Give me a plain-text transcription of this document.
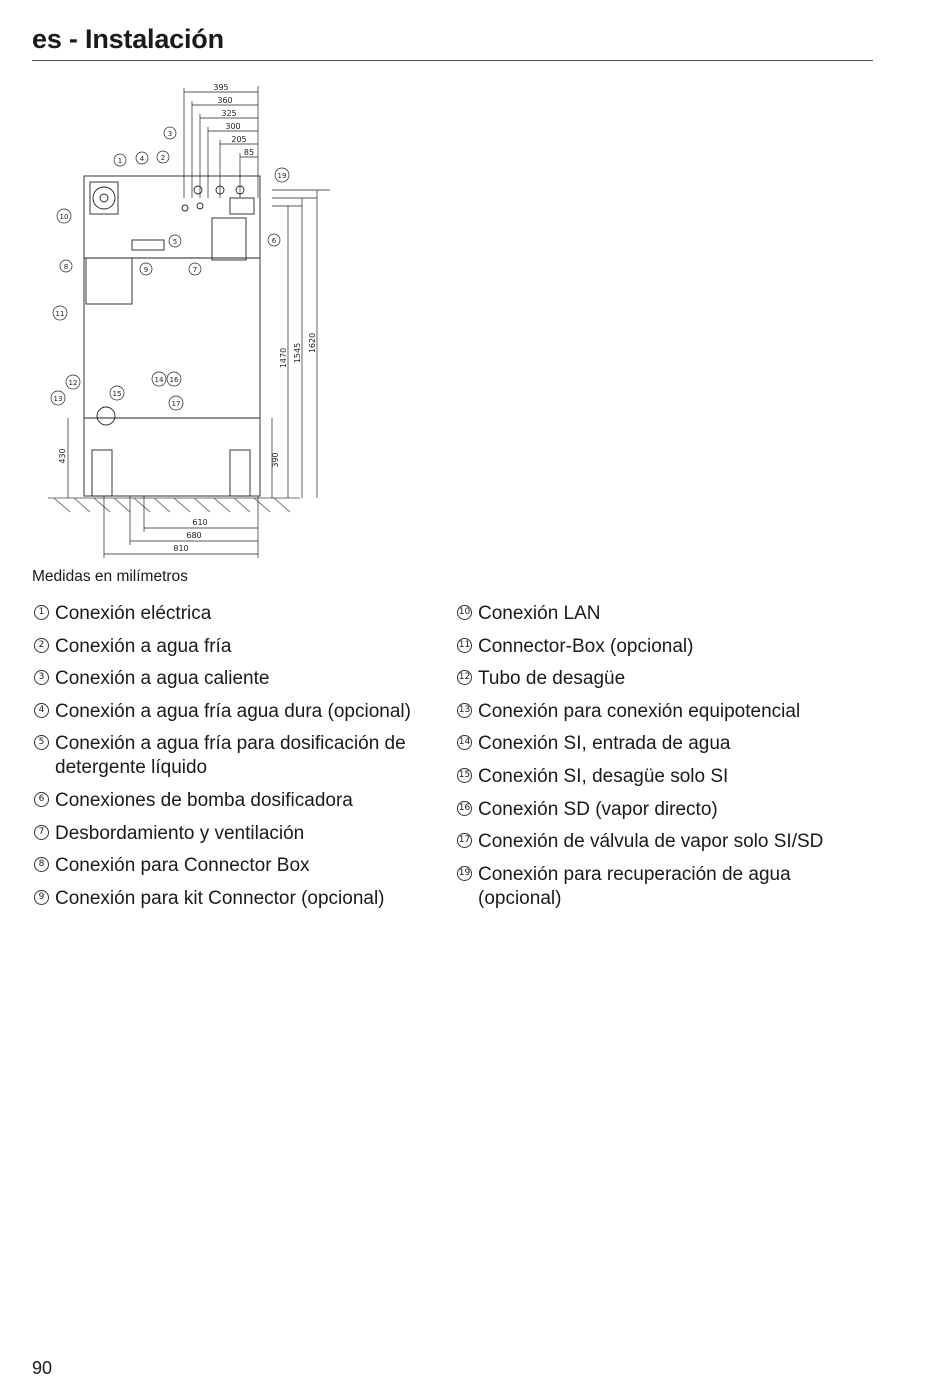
es - Instalación
395
360
325
300
205
85
1470 1545 1620
430	390
610
680
810
1	2
3
4
5	6
7
8	9
10
11
12
13
14
15
16
17
19
Medidas en milímetros
1 Conexión eléctrica
2 Conexión a agua fría
3 Conexión a agua caliente
4 Conexión a agua fría agua dura (opcional)
5 Conexión a agua fría para dosificación de detergente líquido
6 Conexiones de bomba dosificadora
7 Desbordamiento y ventilación
8 Conexión para Connector Box
9 Conexión para kit Connector (opcional)
10 Conexión LAN
11 Connector-Box (opcional)
12 Tubo de desagüe
13 Conexión para conexión equipotencial
14 Conexión SI, entrada de agua
15 Conexión SI, desagüe solo SI
16 Conexión SD (vapor directo)
17 Conexión de válvula de vapor solo SI/SD
19 Conexión para recuperación de agua (opcional)
90
